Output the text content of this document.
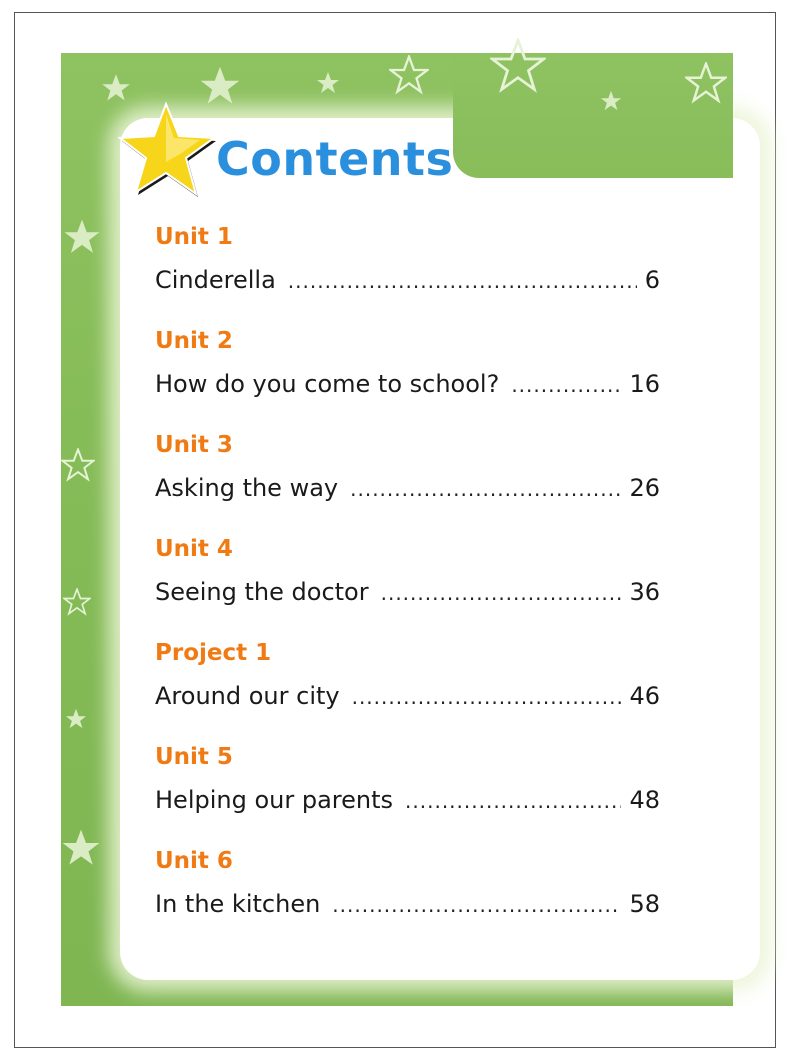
Contents
Unit 1
Cinderella .....	6
Unit 2
How do you come to school? .....	16
Unit 3
Asking the way .....	26
Unit 4
Seeing the doctor .....	36
Project 1
Around our city .....	46
Unit 5
Helping our parents .....	48
Unit 6
In the kitchen .....	58
